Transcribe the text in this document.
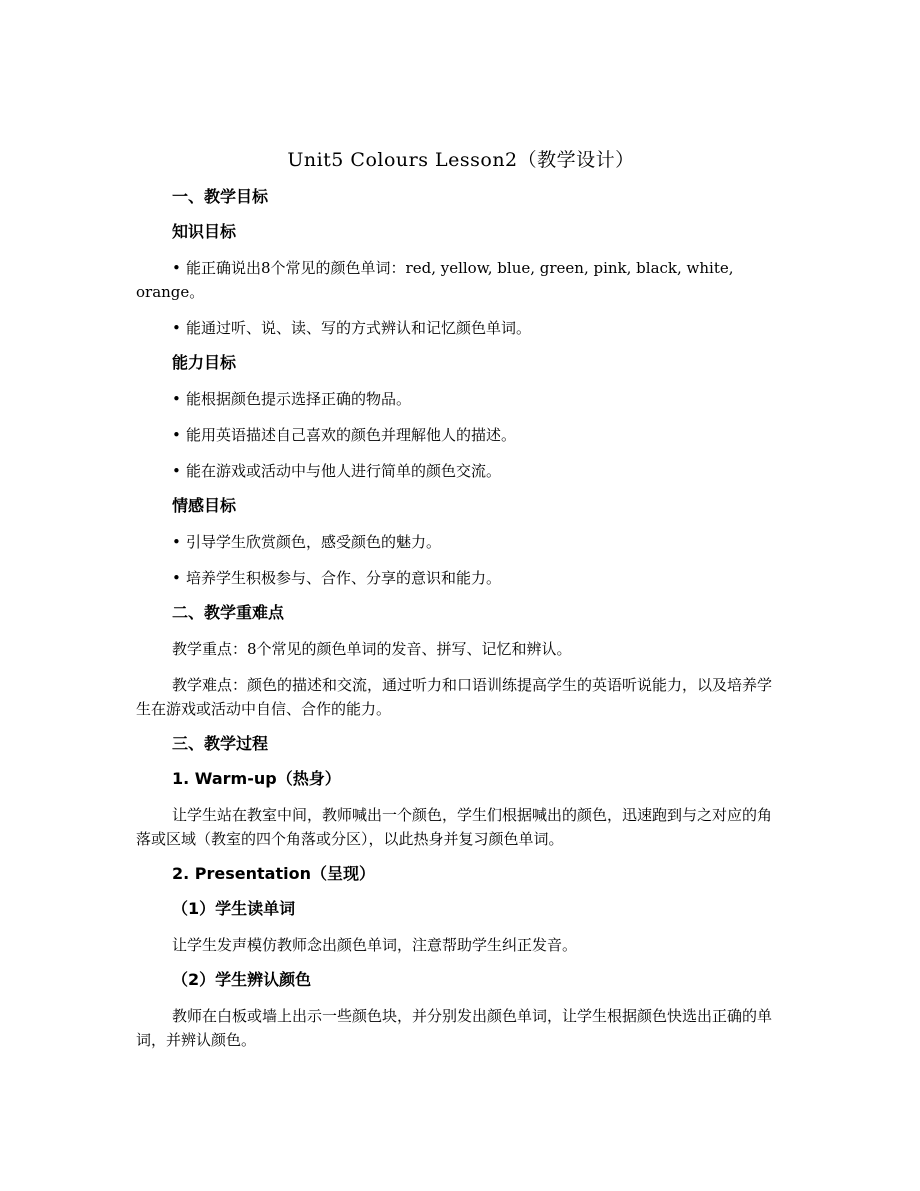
Unit5 Colours Lesson2（教学设计）
一、教学目标
知识目标
• 能正确说出8个常见的颜色单词：red, yellow, blue, green, pink, black, white, orange。
• 能通过听、说、读、写的方式辨认和记忆颜色单词。
能力目标
• 能根据颜色提示选择正确的物品。
• 能用英语描述自己喜欢的颜色并理解他人的描述。
• 能在游戏或活动中与他人进行简单的颜色交流。
情感目标
• 引导学生欣赏颜色，感受颜色的魅力。
• 培养学生积极参与、合作、分享的意识和能力。
二、教学重难点
教学重点：8个常见的颜色单词的发音、拼写、记忆和辨认。
教学难点：颜色的描述和交流，通过听力和口语训练提高学生的英语听说能力，以及培养学生在游戏或活动中自信、合作的能力。
三、教学过程
1. Warm-up（热身）
让学生站在教室中间，教师喊出一个颜色，学生们根据喊出的颜色，迅速跑到与之对应的角落或区域（教室的四个角落或分区），以此热身并复习颜色单词。
2. Presentation（呈现）
（1）学生读单词
让学生发声模仿教师念出颜色单词，注意帮助学生纠正发音。
（2）学生辨认颜色
教师在白板或墙上出示一些颜色块，并分别发出颜色单词，让学生根据颜色快选出正确的单词，并辨认颜色。
